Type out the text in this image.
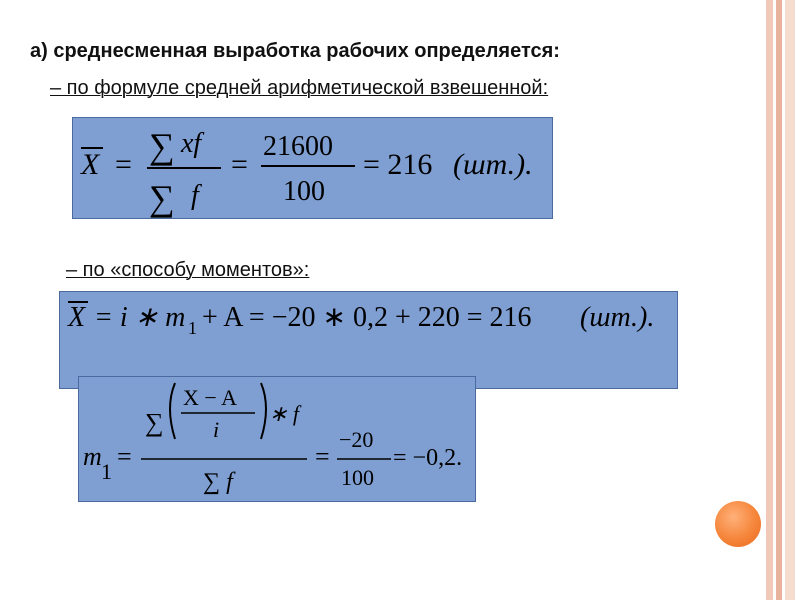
а) среднесменная выработка рабочих определяется:
– по формуле средней арифметической взвешенной:
X = ∑ xf
∑ f
=
21600
100
= 216 (шт.).
– по «способу моментов»:
X = i ∗ m 1 + A = −20 ∗ 0,2 + 220 = 216 (шт.).
m
1
=
∑
X − A
i
∗ f
∑ f
=
−20
100
= −0,2.
